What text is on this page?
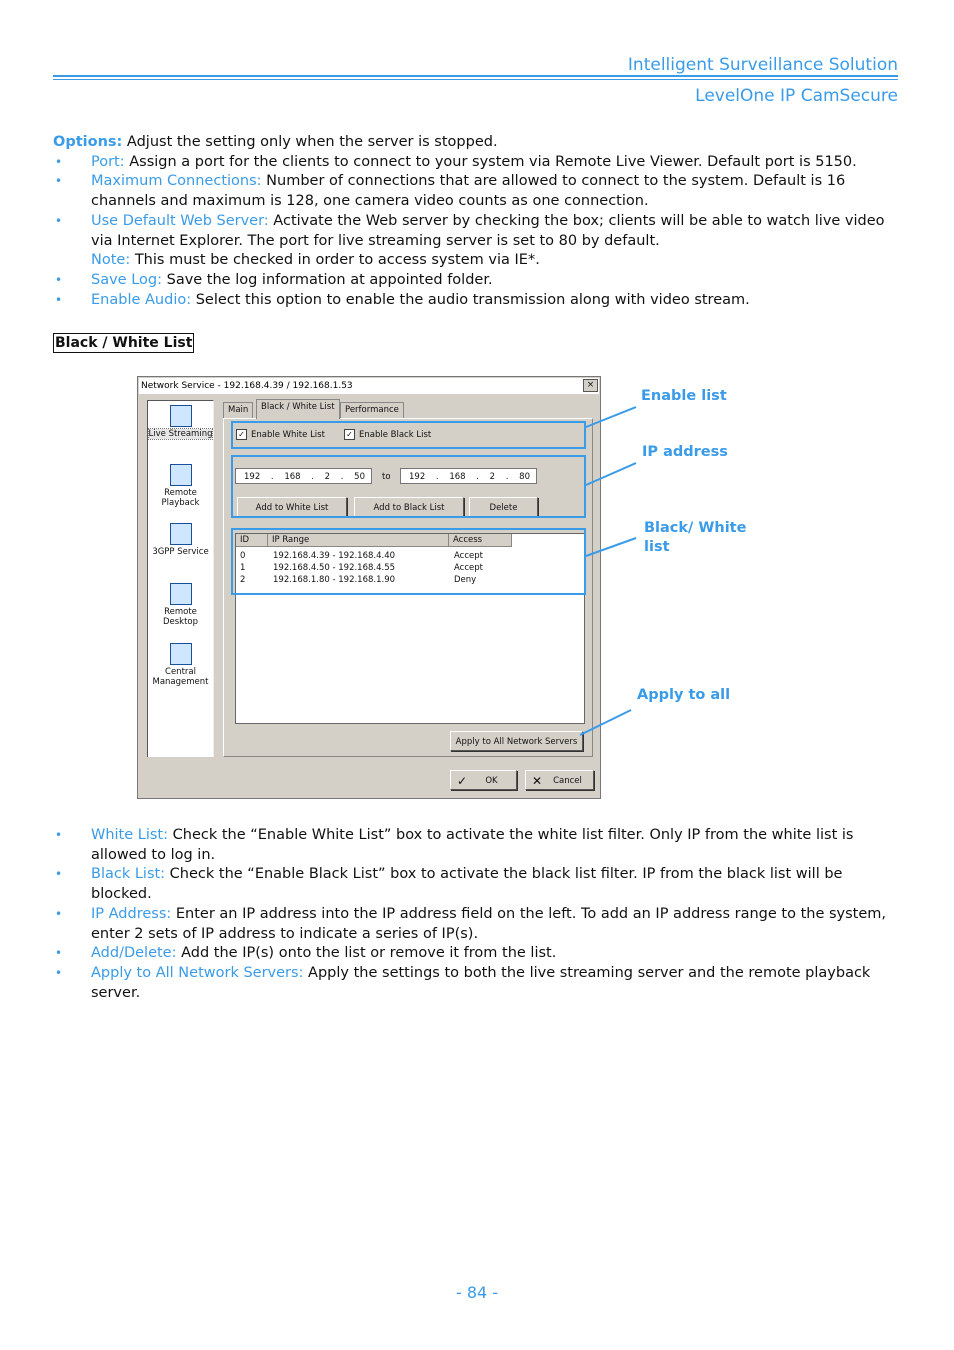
Intelligent Surveillance Solution
LevelOne IP CamSecure
Options: Adjust the setting only when the server is stopped.
• Port: Assign a port for the clients to connect to your system via Remote Live Viewer. Default port is 5150.
• Maximum Connections: Number of connections that are allowed to connect to the system. Default is 16 channels and maximum is 128, one camera video counts as one connection.
• Use Default Web Server: Activate the Web server by checking the box; clients will be able to watch live video via Internet Explorer. The port for live streaming server is set to 80 by default.
Note: This must be checked in order to access system via IE*.
• Save Log: Save the log information at appointed folder.
• Enable Audio: Select this option to enable the audio transmission along with video stream.
Black / White List
Network Service - 192.168.4.39 / 192.168.1.53	×
Live Streaming
Remote Playback
3GPP Service
Remote Desktop
Central Management
Main	Black / White List	Performance
✓ Enable White List	✓ Enable Black List
192 . 168 . 2 . 50	to	192 . 168 . 2 . 80
Add to White List	Add to Black List	Delete
ID	IP Range	Access
0	192.168.4.39 - 192.168.4.40	Accept
1	192.168.4.50 - 192.168.4.55	Accept
2	192.168.1.80 - 192.168.1.90	Deny
Apply to All Network Servers
✓ OK	✕ Cancel
Enable list
IP address
Black/ White
list
Apply to all
• White List: Check the “Enable White List” box to activate the white list filter. Only IP from the white list is allowed to log in.
• Black List: Check the “Enable Black List” box to activate the black list filter. IP from the black list will be blocked.
• IP Address: Enter an IP address into the IP address field on the left. To add an IP address range to the system, enter 2 sets of IP address to indicate a series of IP(s).
• Add/Delete: Add the IP(s) onto the list or remove it from the list.
• Apply to All Network Servers: Apply the settings to both the live streaming server and the remote playback server.
- 84 -
